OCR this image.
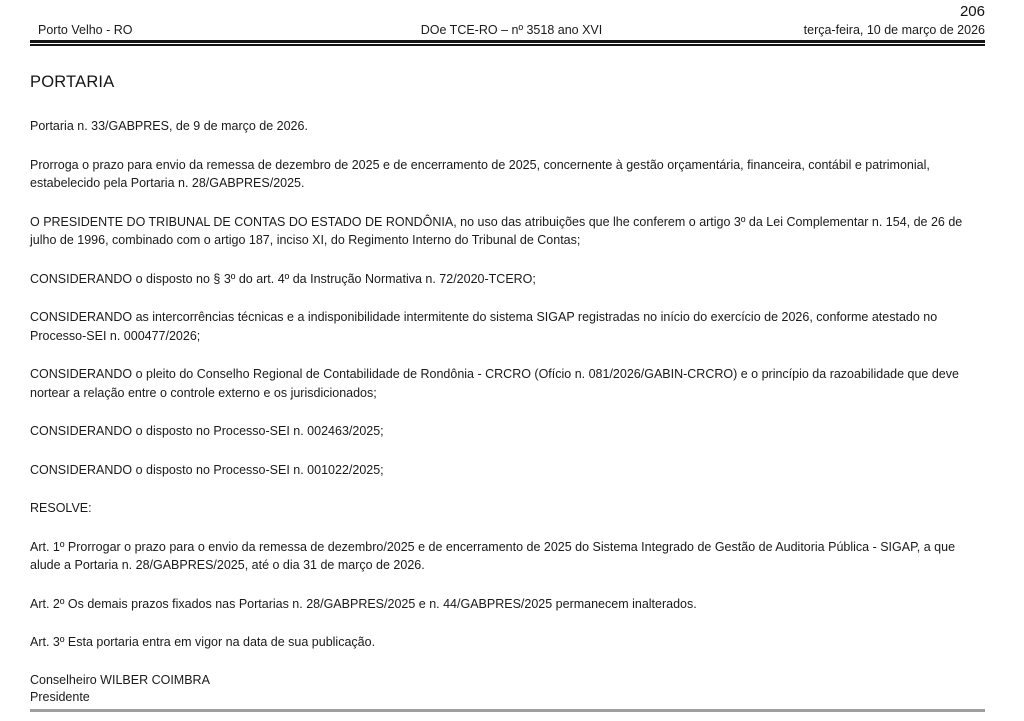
206
Porto Velho - RO	DOe TCE-RO – nº 3518 ano XVI	terça-feira, 10 de março de 2026
PORTARIA

Portaria n. 33/GABPRES, de 9 de março de 2026.

Prorroga o prazo para envio da remessa de dezembro de 2025 e de encerramento de 2025, concernente à gestão orçamentária, financeira, contábil e patrimonial, estabelecido pela Portaria n. 28/GABPRES/2025.

O PRESIDENTE DO TRIBUNAL DE CONTAS DO ESTADO DE RONDÔNIA, no uso das atribuições que lhe conferem o artigo 3º da Lei Complementar n. 154, de 26 de julho de 1996, combinado com o artigo 187, inciso XI, do Regimento Interno do Tribunal de Contas;

CONSIDERANDO o disposto no § 3º do art. 4º da Instrução Normativa n. 72/2020-TCERO;

CONSIDERANDO as intercorrências técnicas e a indisponibilidade intermitente do sistema SIGAP registradas no início do exercício de 2026, conforme atestado no Processo-SEI n. 000477/2026;

CONSIDERANDO o pleito do Conselho Regional de Contabilidade de Rondônia - CRCRO (Ofício n. 081/2026/GABIN-CRCRO) e o princípio da razoabilidade que deve nortear a relação entre o controle externo e os jurisdicionados;

CONSIDERANDO o disposto no Processo-SEI n. 002463/2025;

CONSIDERANDO o disposto no Processo-SEI n. 001022/2025;

RESOLVE:

Art. 1º Prorrogar o prazo para o envio da remessa de dezembro/2025 e de encerramento de 2025 do Sistema Integrado de Gestão de Auditoria Pública - SIGAP, a que alude a Portaria n. 28/GABPRES/2025, até o dia 31 de março de 2026.

Art. 2º Os demais prazos fixados nas Portarias n. 28/GABPRES/2025 e n. 44/GABPRES/2025 permanecem inalterados.

Art. 3º Esta portaria entra em vigor na data de sua publicação.

Conselheiro WILBER COIMBRA
Presidente
